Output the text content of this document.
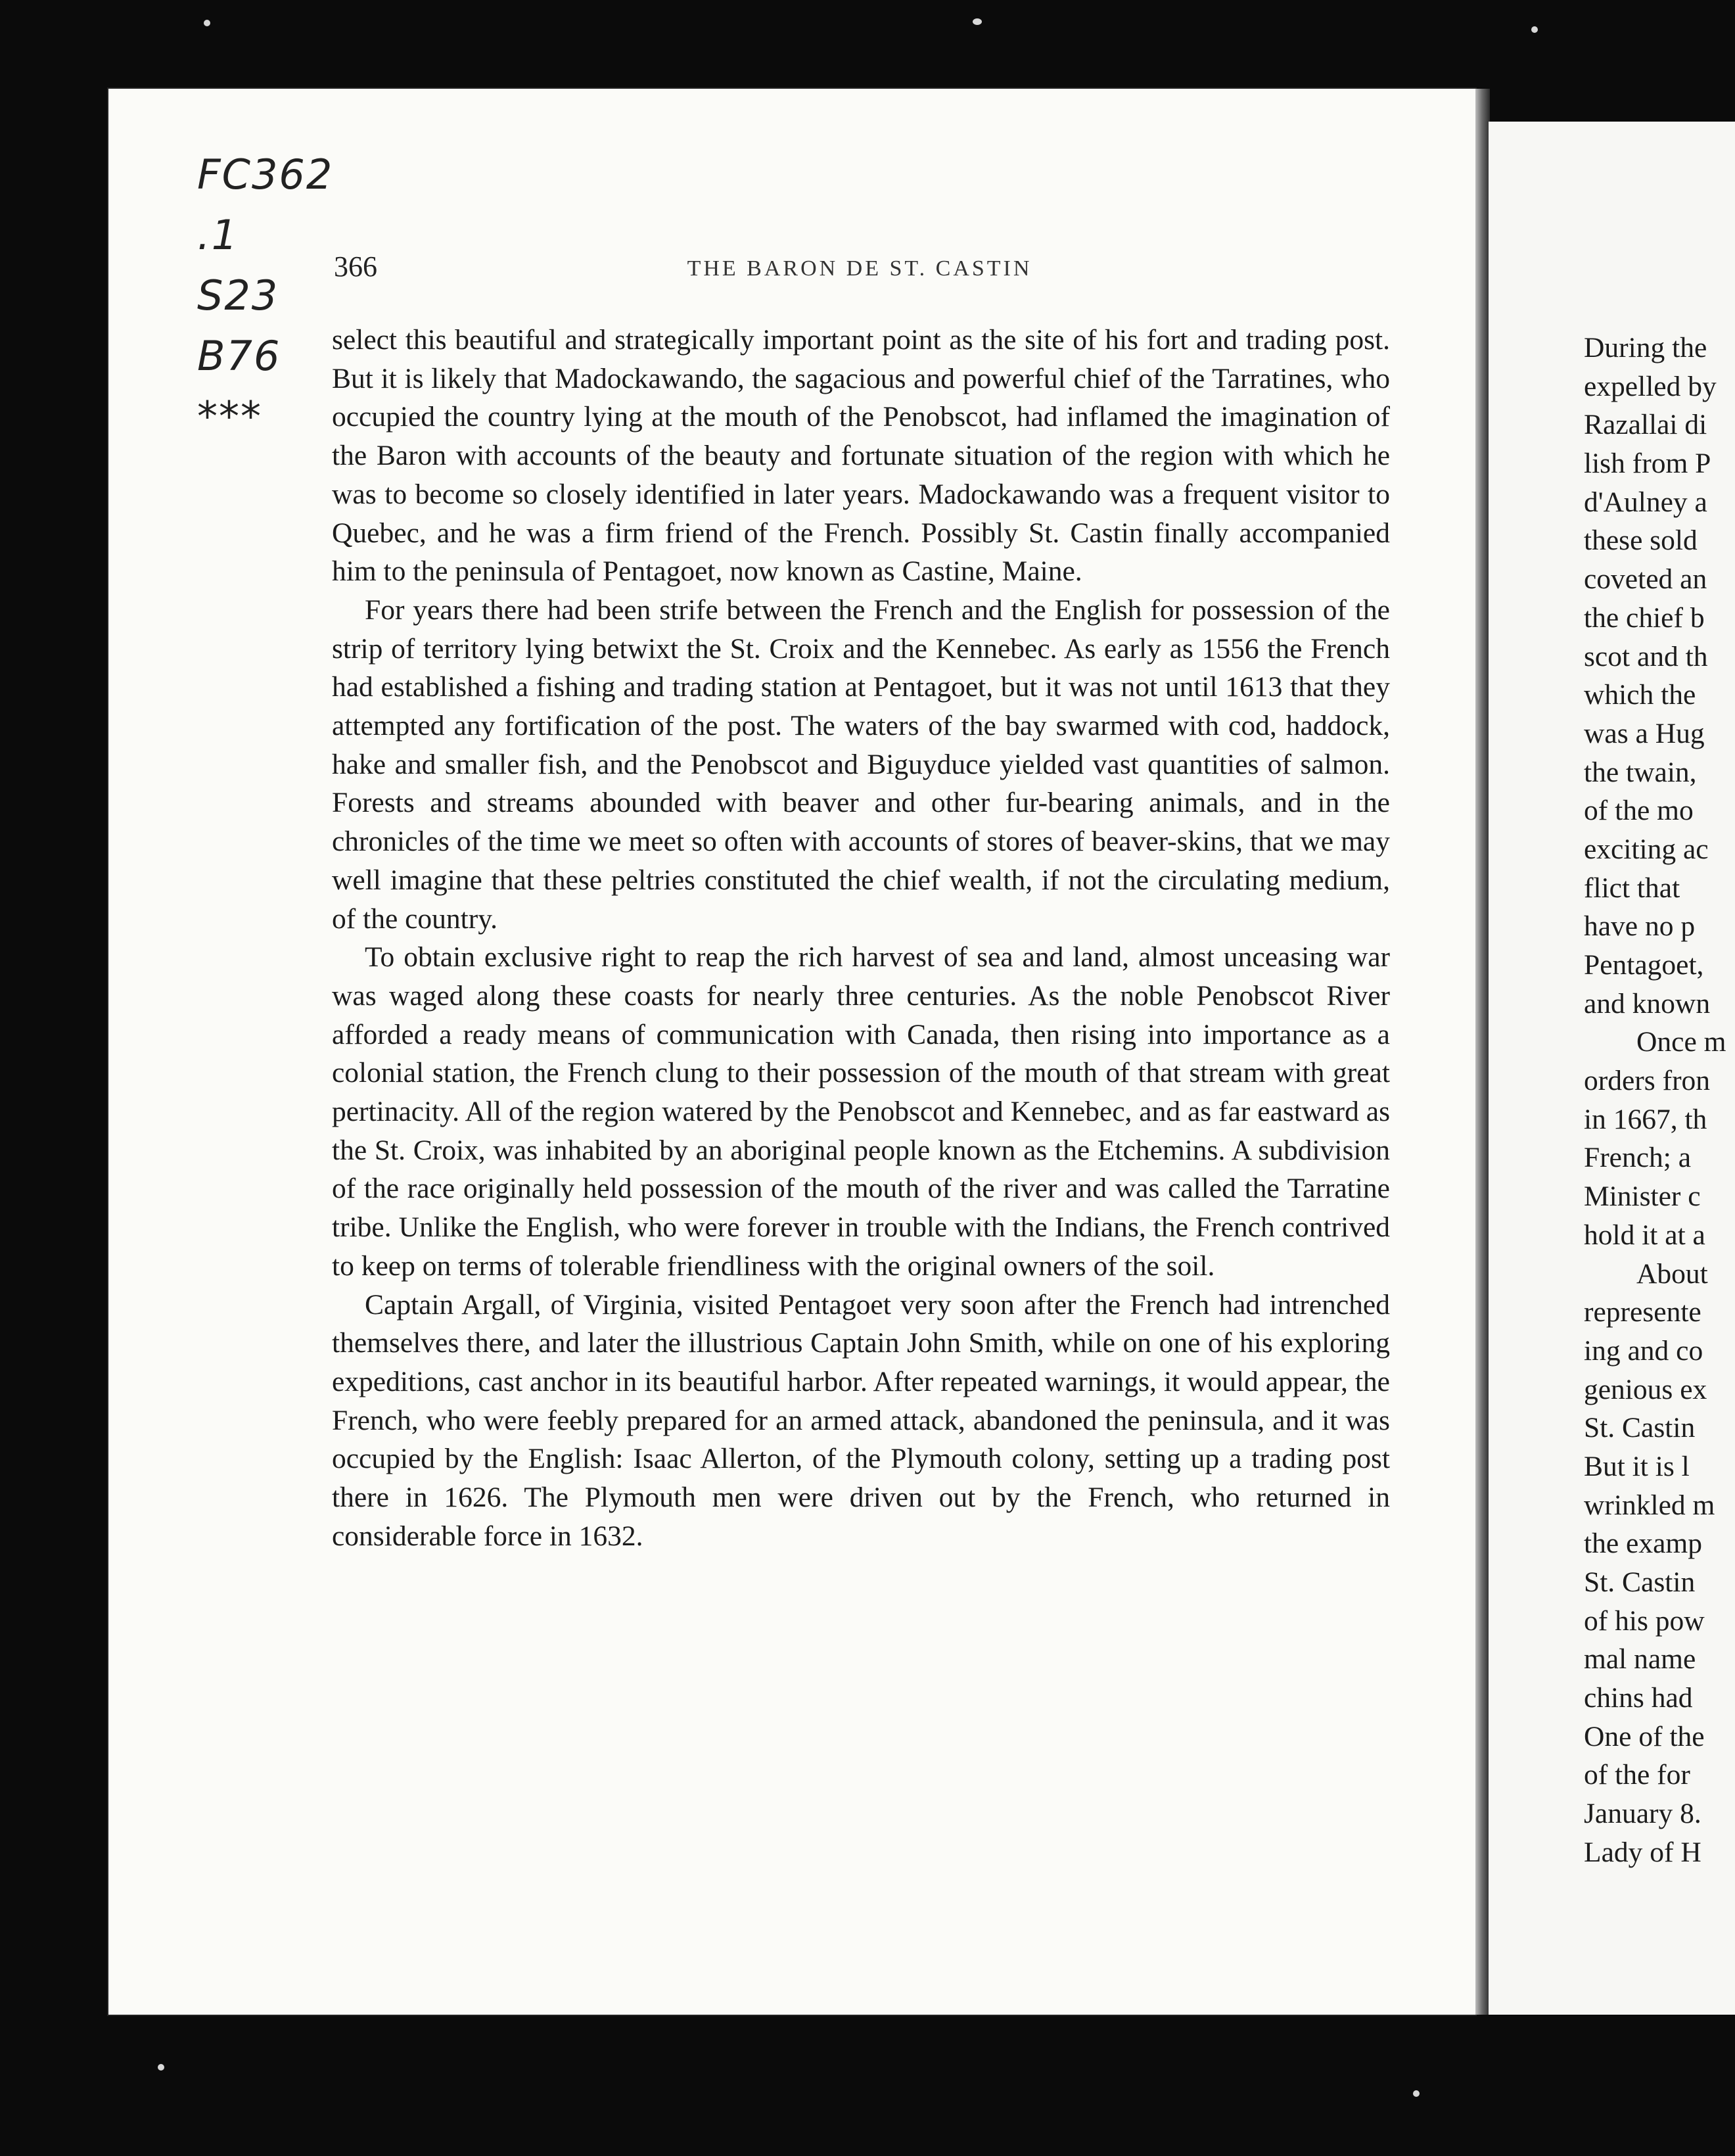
FC362
.1
S23
B76
***
366	THE BARON DE ST. CASTIN

select this beautiful and strategically important point as the site of his fort and trading post. But it is likely that Madockawando, the sagacious and powerful chief of the Tarratines, who occupied the country lying at the mouth of the Penobscot, had inflamed the imagination of the Baron with accounts of the beauty and fortunate situation of the region with which he was to become so closely identified in later years. Madockawando was a frequent visitor to Quebec, and he was a firm friend of the French. Possibly St. Castin finally accompanied him to the peninsula of Pentagoet, now known as Castine, Maine.

For years there had been strife between the French and the English for possession of the strip of territory lying betwixt the St. Croix and the Kennebec. As early as 1556 the French had established a fishing and trading station at Pentagoet, but it was not until 1613 that they attempted any fortification of the post. The waters of the bay swarmed with cod, haddock, hake and smaller fish, and the Penobscot and Biguyduce yielded vast quantities of salmon. Forests and streams abounded with beaver and other fur-bearing animals, and in the chronicles of the time we meet so often with accounts of stores of beaver-skins, that we may well imagine that these peltries constituted the chief wealth, if not the circulating medium, of the country.

To obtain exclusive right to reap the rich harvest of sea and land, almost unceasing war was waged along these coasts for nearly three centuries. As the noble Penobscot River afforded a ready means of communication with Canada, then rising into importance as a colonial station, the French clung to their possession of the mouth of that stream with great pertinacity. All of the region watered by the Penobscot and Kennebec, and as far eastward as the St. Croix, was inhabited by an aboriginal people known as the Etchemins. A subdivision of the race originally held possession of the mouth of the river and was called the Tarratine tribe. Unlike the English, who were forever in trouble with the Indians, the French contrived to keep on terms of tolerable friendliness with the original owners of the soil.

Captain Argall, of Virginia, visited Pentagoet very soon after the French had intrenched themselves there, and later the illustrious Captain John Smith, while on one of his exploring expeditions, cast anchor in its beautiful harbor. After repeated warnings, it would appear, the French, who were feebly prepared for an armed attack, abandoned the peninsula, and it was occupied by the English: Isaac Allerton, of the Plymouth colony, setting up a trading post there in 1626. The Plymouth men were driven out by the French, who returned in considerable force in 1632.

During the
expelled by
Razallai di
lish from P
d'Aulney a
these sold
coveted an
the chief b
scot and th
which the
was a Hug
the twain,
of the mo
exciting ac
flict that
have no p
Pentagoet,
and known
Once m
orders fron
in 1667, th
French; a
Minister c
hold it at a
About
represente
ing and co
genious ex
St. Castin
But it is l
wrinkled m
the examp
St. Castin
of his pow
mal name
chins had
One of the
of the for
January 8.
Lady of H
